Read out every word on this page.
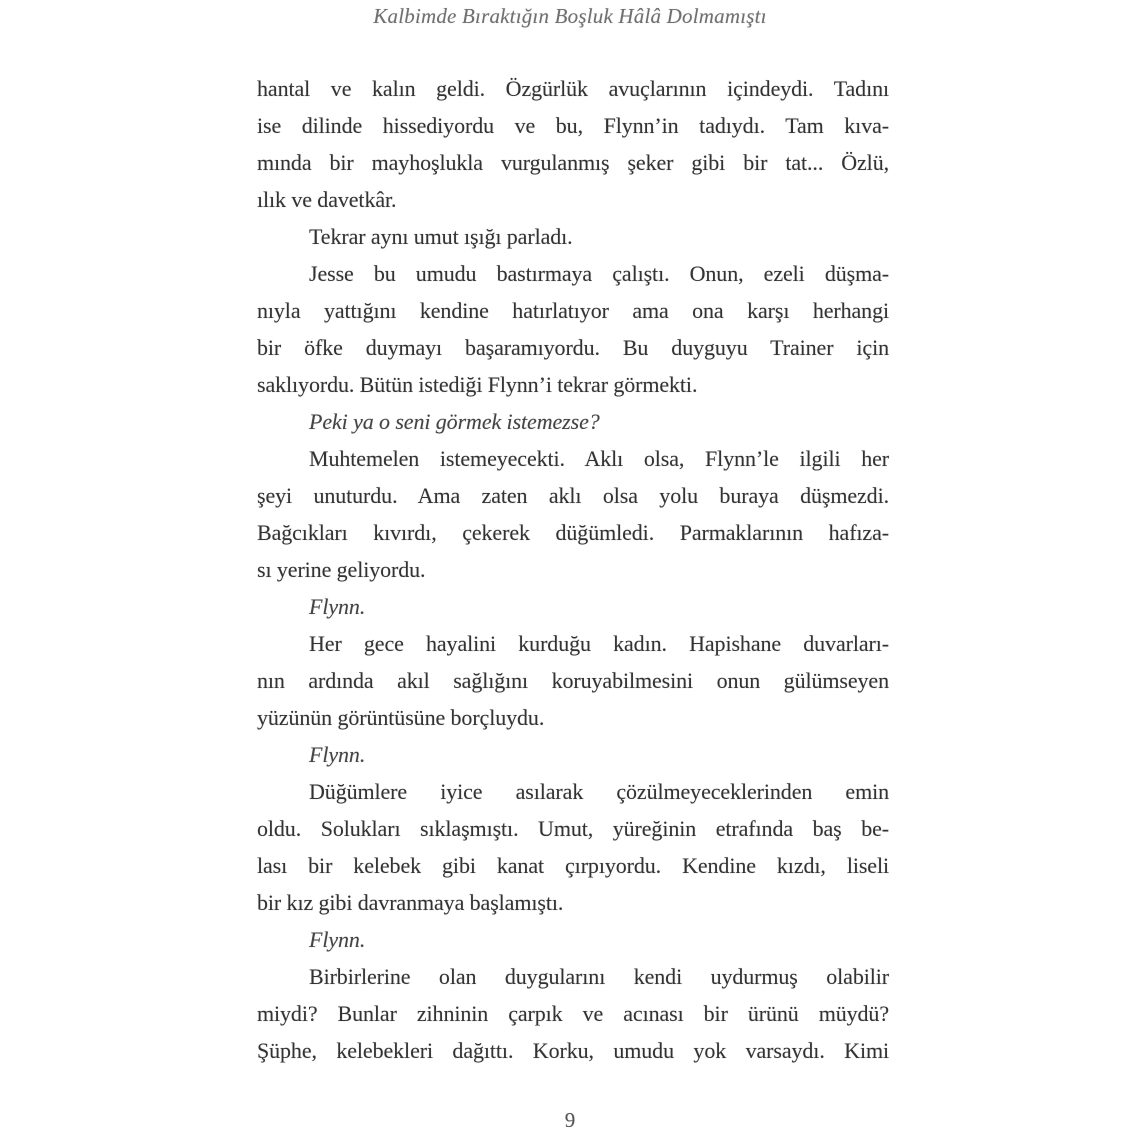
Kalbimde Bıraktığın Boşluk Hâlâ Dolmamıştı
hantal ve kalın geldi. Özgürlük avuçlarının içindeydi. Tadını
ise dilinde hissediyordu ve bu, Flynn’in tadıydı. Tam kıva-
mında bir mayhoşlukla vurgulanmış şeker gibi bir tat... Özlü,
ılık ve davetkâr.
Tekrar aynı umut ışığı parladı.
Jesse bu umudu bastırmaya çalıştı. Onun, ezeli düşma-
nıyla yattığını kendine hatırlatıyor ama ona karşı herhangi
bir öfke duymayı başaramıyordu. Bu duyguyu Trainer için
saklıyordu. Bütün istediği Flynn’i tekrar görmekti.
Peki ya o seni görmek istemezse?
Muhtemelen istemeyecekti. Aklı olsa, Flynn’le ilgili her
şeyi unuturdu. Ama zaten aklı olsa yolu buraya düşmezdi.
Bağcıkları kıvırdı, çekerek düğümledi. Parmaklarının hafıza-
sı yerine geliyordu.
Flynn.
Her gece hayalini kurduğu kadın. Hapishane duvarları-
nın ardında akıl sağlığını koruyabilmesini onun gülümseyen
yüzünün görüntüsüne borçluydu.
Flynn.
Düğümlere iyice asılarak çözülmeyeceklerinden emin
oldu. Solukları sıklaşmıştı. Umut, yüreğinin etrafında baş be-
lası bir kelebek gibi kanat çırpıyordu. Kendine kızdı, liseli
bir kız gibi davranmaya başlamıştı.
Flynn.
Birbirlerine olan duygularını kendi uydurmuş olabilir
miydi? Bunlar zihninin çarpık ve acınası bir ürünü müydü?
Şüphe, kelebekleri dağıttı. Korku, umudu yok varsaydı. Kimi
9
